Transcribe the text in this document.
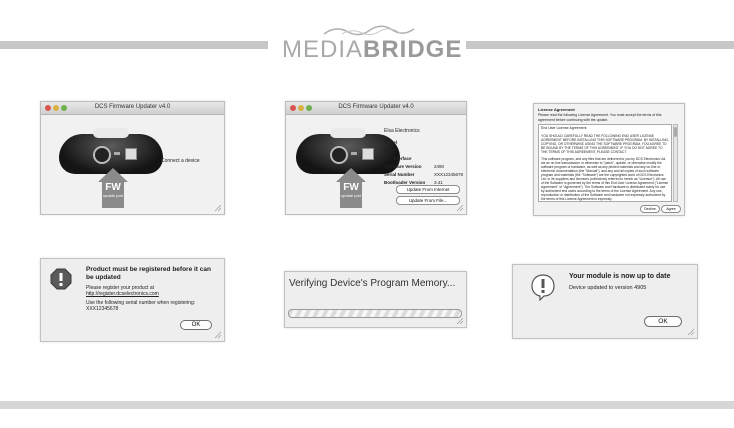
MEDIABRIDGE
DCS Firmware Updater v4.0
FW
update port
Connect a device
DCS Firmware Updater v4.0
FW
update port
Elsa Electronics
Model
PCB
Car Interface
Firmware Version	2490
Serial Number	XXX12345678
Bootloader Version 3.41
Update From Internet
Update From File...
License Agreement
Please read the following License Agreement. You must accept the terms of this agreement before continuing with the update.
End User License Agreement
YOU SHOULD CAREFULLY READ THE FOLLOWING END USER LICENSE AGREEMENT BEFORE INSTALLING THIS SOFTWARE PROGRAM. BY INSTALLING, COPYING, OR OTHERWISE USING THE SOFTWARE PROGRAM, YOU AGREE TO BE BOUND BY THE TERMS OF THIS AGREEMENT. IF YOU DO NOT AGREE TO THE TERMS OF THIS AGREEMENT, PLEASE CONTACT
This software program, and any files that are delivered to you by DCS Electronics Ltd. via an on-line transmission or otherwise to "patch", update, or otherwise modify the software program or hardware, as well as any printed materials and any on-line or electronic documentation (the "Manual"), and any and all copies of such software program and materials (the "Software") are the copyrighted work of DCS Electronics Ltd. or its suppliers and licensors (collectively referred to herein as "Licensor"). All use of the Software is governed by the terms of this End User License Agreement ("License Agreement" or "Agreement"). The Software and Hardware is distributed solely for use by authorized end users according to the terms of the License Agreement. Any use, reproduction or distribution of the Software and hardware not expressly authorized by the terms of this License Agreement is expressly
Decline	Agree
Product must be registered before it can be updated
Please register your product at
http://register.dcselectronics.com
Use the following serial number when registering:
XXX12345678
OK
Verifying Device's Program Memory...
Your module is now up to date
Device updated to version 4905
OK
